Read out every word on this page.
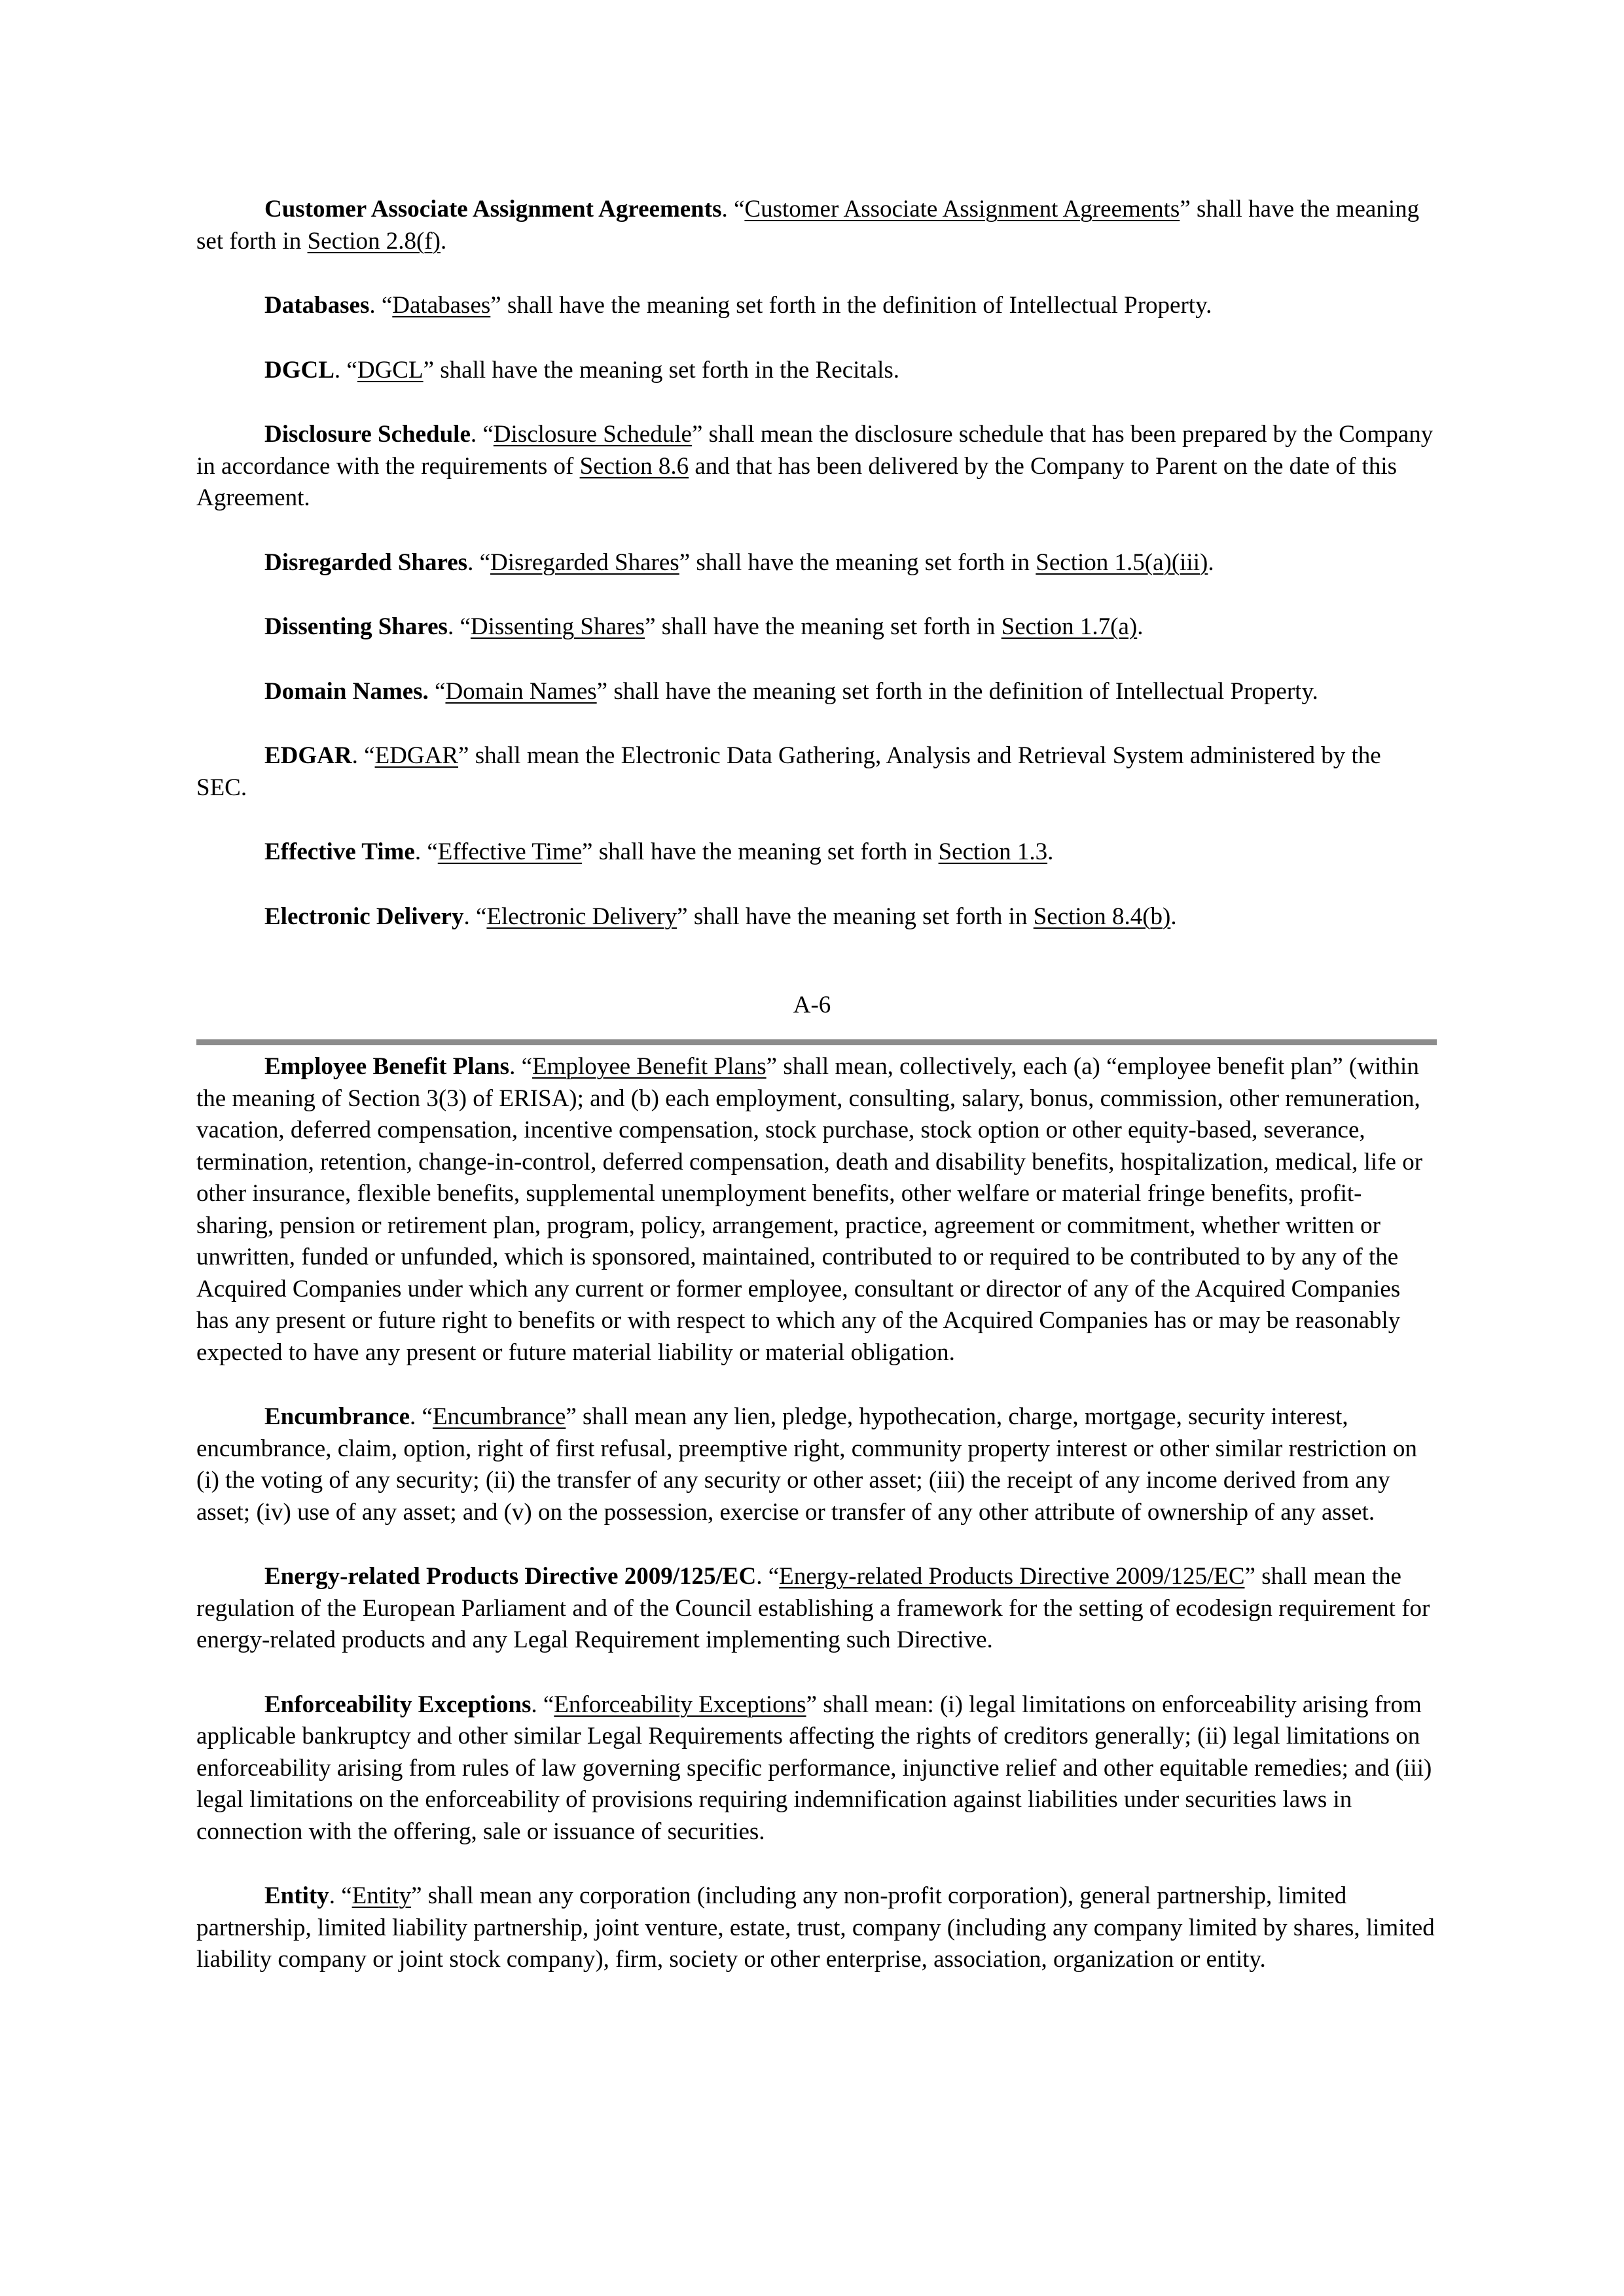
Customer Associate Assignment Agreements. “Customer Associate Assignment Agreements” shall have the meaning set forth in Section 2.8(f).

Databases. “Databases” shall have the meaning set forth in the definition of Intellectual Property.

DGCL. “DGCL” shall have the meaning set forth in the Recitals.

Disclosure Schedule. “Disclosure Schedule” shall mean the disclosure schedule that has been prepared by the Company in accordance with the requirements of Section 8.6 and that has been delivered by the Company to Parent on the date of this Agreement.

Disregarded Shares. “Disregarded Shares” shall have the meaning set forth in Section 1.5(a)(iii).

Dissenting Shares. “Dissenting Shares” shall have the meaning set forth in Section 1.7(a).

Domain Names. “Domain Names” shall have the meaning set forth in the definition of Intellectual Property.

EDGAR. “EDGAR” shall mean the Electronic Data Gathering, Analysis and Retrieval System administered by the SEC.

Effective Time. “Effective Time” shall have the meaning set forth in Section 1.3.

Electronic Delivery. “Electronic Delivery” shall have the meaning set forth in Section 8.4(b).

A-6

Employee Benefit Plans. “Employee Benefit Plans” shall mean, collectively, each (a) “employee benefit plan” (within the meaning of Section 3(3) of ERISA); and (b) each employment, consulting, salary, bonus, commission, other remuneration, vacation, deferred compensation, incentive compensation, stock purchase, stock option or other equity-based, severance, termination, retention, change-in-control, deferred compensation, death and disability benefits, hospitalization, medical, life or other insurance, flexible benefits, supplemental unemployment benefits, other welfare or material fringe benefits, profit-sharing, pension or retirement plan, program, policy, arrangement, practice, agreement or commitment, whether written or unwritten, funded or unfunded, which is sponsored, maintained, contributed to or required to be contributed to by any of the Acquired Companies under which any current or former employee, consultant or director of any of the Acquired Companies has any present or future right to benefits or with respect to which any of the Acquired Companies has or may be reasonably expected to have any present or future material liability or material obligation.

Encumbrance. “Encumbrance” shall mean any lien, pledge, hypothecation, charge, mortgage, security interest, encumbrance, claim, option, right of first refusal, preemptive right, community property interest or other similar restriction on (i) the voting of any security; (ii) the transfer of any security or other asset; (iii) the receipt of any income derived from any asset; (iv) use of any asset; and (v) on the possession, exercise or transfer of any other attribute of ownership of any asset.

Energy-related Products Directive 2009/125/EC. “Energy-related Products Directive 2009/125/EC” shall mean the regulation of the European Parliament and of the Council establishing a framework for the setting of ecodesign requirement for energy-related products and any Legal Requirement implementing such Directive.

Enforceability Exceptions. “Enforceability Exceptions” shall mean: (i) legal limitations on enforceability arising from applicable bankruptcy and other similar Legal Requirements affecting the rights of creditors generally; (ii) legal limitations on enforceability arising from rules of law governing specific performance, injunctive relief and other equitable remedies; and (iii) legal limitations on the enforceability of provisions requiring indemnification against liabilities under securities laws in connection with the offering, sale or issuance of securities.

Entity. “Entity” shall mean any corporation (including any non-profit corporation), general partnership, limited partnership, limited liability partnership, joint venture, estate, trust, company (including any company limited by shares, limited liability company or joint stock company), firm, society or other enterprise, association, organization or entity.
